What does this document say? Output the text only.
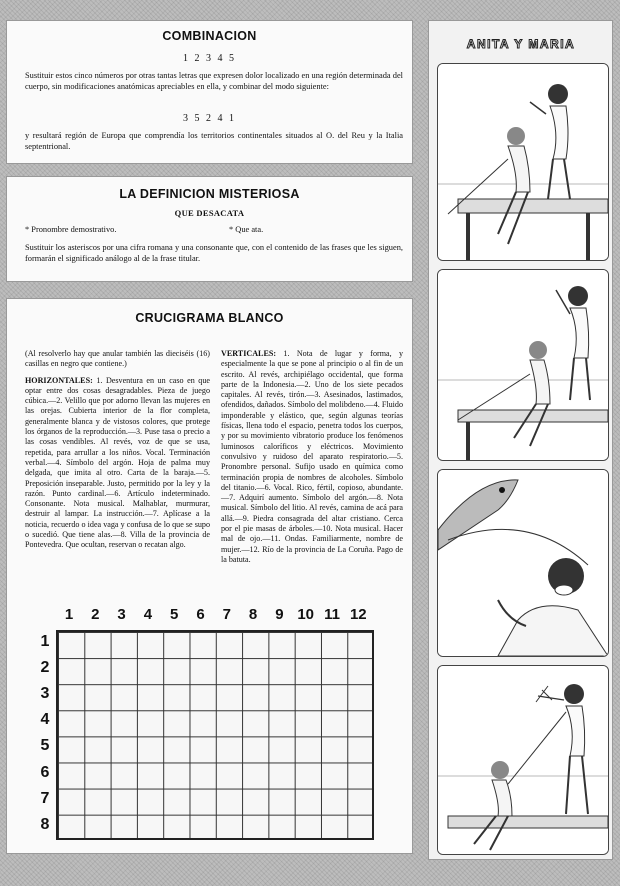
COMBINACION
1 2 3 4 5

Sustituir estos cinco números por otras tantas letras que expresen dolor localizado en una región determinada del cuerpo, sin modificaciones anatómicas apreciables en ella, y combinar del modo siguiente:

3 5 2 4 1

y resultará región de Europa que comprendía los territorios continentales situados al O. del Reu y la Italia septentrional.

LA DEFINICION MISTERIOSA
QUE DESACATA
* Pronombre demostrativo.	* Que ata.

Sustituir los asteriscos por una cifra romana y una consonante que, con el contenido de las frases que les siguen, formarán el significado análogo al de la frase titular.

CRUCIGRAMA BLANCO

(Al resolverlo hay que anular también las dieciséis (16) casillas en negro que contiene.)

HORIZONTALES: 1. Desventura en un caso en que optar entre dos cosas desagradables. Pieza de juego cúbica.—2. Velillo que por adorno llevan las mujeres en las orejas. Cubierta interior de la flor completa, generalmente blanca y de vistosos colores, que protege los órganos de la reproducción.—3. Puse tasa o precio a las cosas vendibles. Al revés, voz de que se usa, repetida, para arrullar a los niños. Vocal. Terminación verbal.—4. Símbolo del argón. Hoja de palma muy delgada, que imita al otro. Carta de la baraja.—5. Preposición inseparable. Justo, permitido por la ley y la razón. Punto cardinal.—6. Artículo indeterminado. Consonante. Nota musical. Malhablar, murmurar, destruir al lampar. La instrucción.—7. Aplícase a la noticia, recuerdo o idea vaga y confusa de lo que se supo o sucedió. Que tiene alas.—8. Villa de la provincia de Pontevedra. Que ocultan, reservan o recatan algo.

VERTICALES: 1. Nota de lugar y forma, y especialmente la que se pone al principio o al fin de un escrito. Al revés, archipiélago occidental, que forma parte de la Indonesia.—2. Uno de los siete pecados capitales. Al revés, tirón.—3. Asesinados, lastimados, ofendidos, dañados. Símbolo del molibdeno.—4. Fluido imponderable y elástico, que, según algunas teorías físicas, llena todo el espacio, penetra todos los cuerpos, y por su movimiento vibratorio produce los fenómenos luminosos caloríficos y eléctricos. Movimiento convulsivo y ruidoso del aparato respiratorio.—5. Pronombre personal. Sufijo usado en química como terminación propia de nombres de alcoholes. Símbolo del titanio.—6. Vocal. Rico, fértil, copioso, abundante.—7. Adquirí aumento. Símbolo del argón.—8. Nota musical. Símbolo del litio. Al revés, camina de acá para allá.—9. Piedra consagrada del altar cristiano. Cerca por el pie masas de árboles.—10. Nota musical. Hacer mal de ojo.—11. Ondas. Familiarmente, nombre de mujer.—12. Río de la provincia de La Coruña. Pago de la batuta.

1	2	3	4	5	6	7	8	9 10 11 12
1
2
3
4
5
6
7
8
ANITA Y MARIA
